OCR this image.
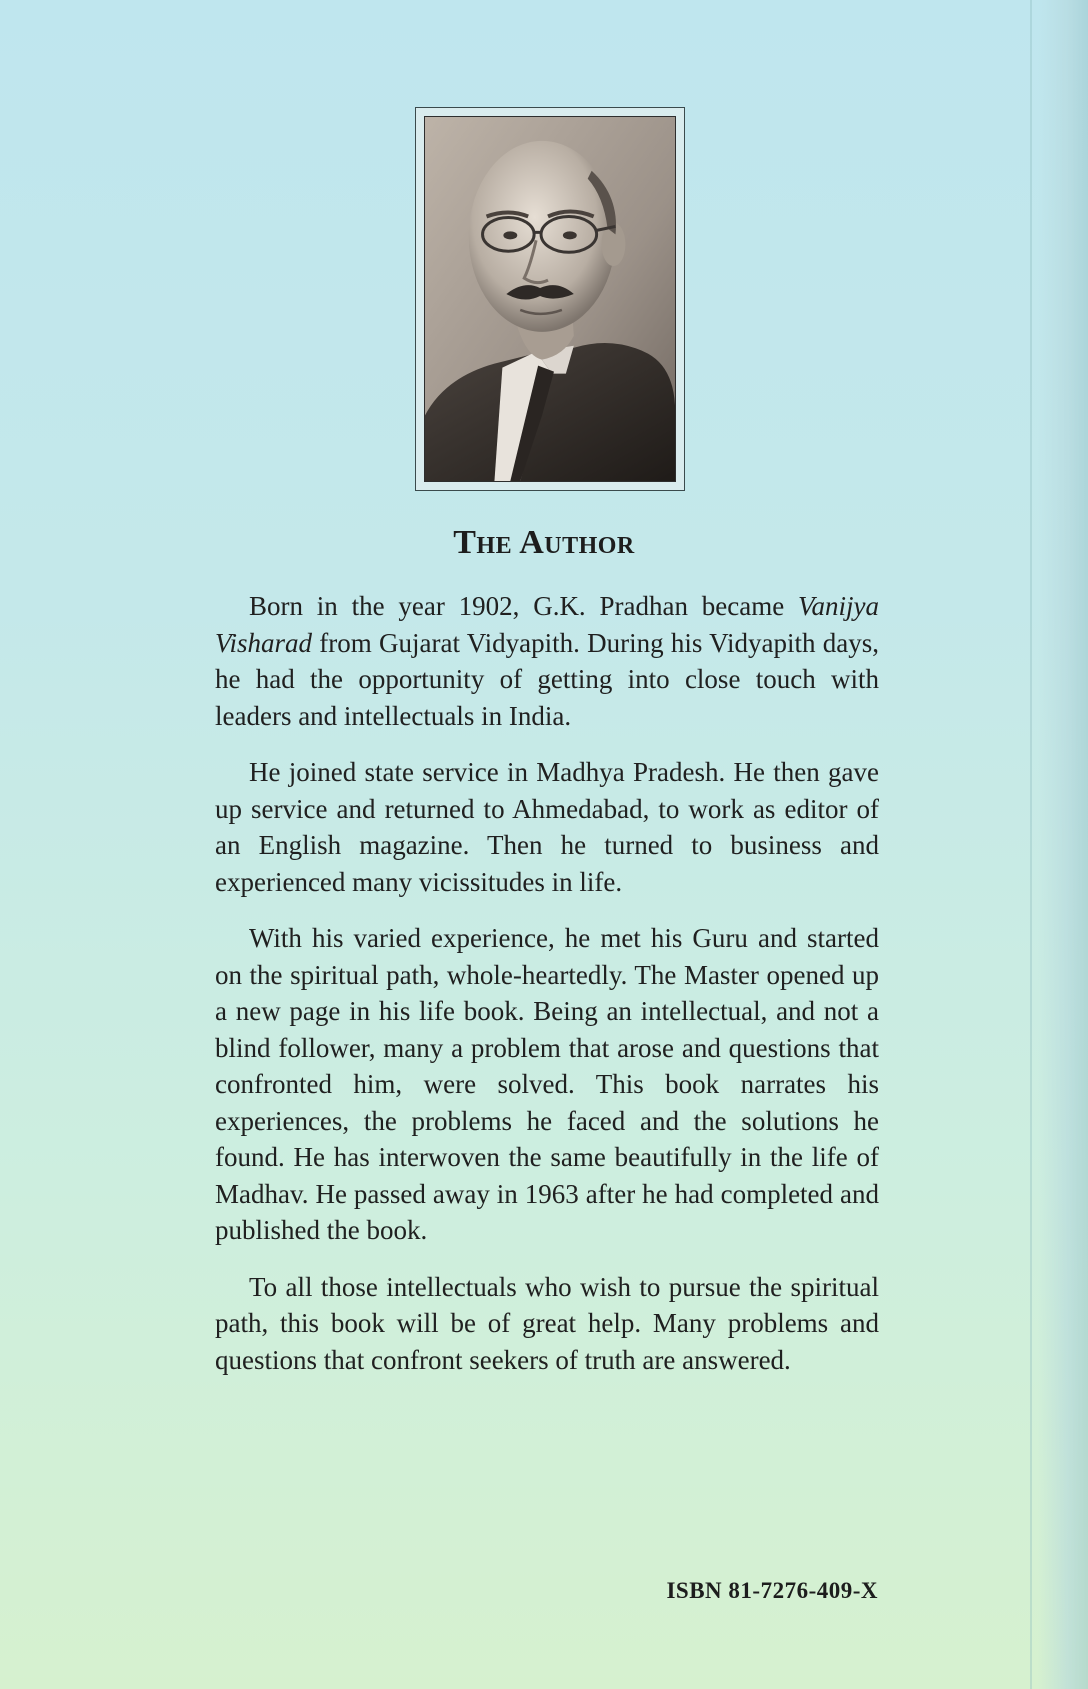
The Author

Born in the year 1902, G.K. Pradhan became Vanijya Visharad from Gujarat Vidyapith. During his Vidyapith days, he had the opportunity of getting into close touch with leaders and intellectuals in India.

He joined state service in Madhya Pradesh. He then gave up service and returned to Ahmedabad, to work as editor of an English magazine. Then he turned to business and experienced many vicissitudes in life.

With his varied experience, he met his Guru and started on the spiritual path, whole-heartedly. The Master opened up a new page in his life book. Being an intellectual, and not a blind follower, many a problem that arose and questions that confronted him, were solved. This book narrates his experiences, the problems he faced and the solutions he found. He has interwoven the same beautifully in the life of Madhav. He passed away in 1963 after he had completed and published the book.

To all those intellectuals who wish to pursue the spiritual path, this book will be of great help. Many problems and questions that confront seekers of truth are answered.

ISBN 81-7276-409-X
